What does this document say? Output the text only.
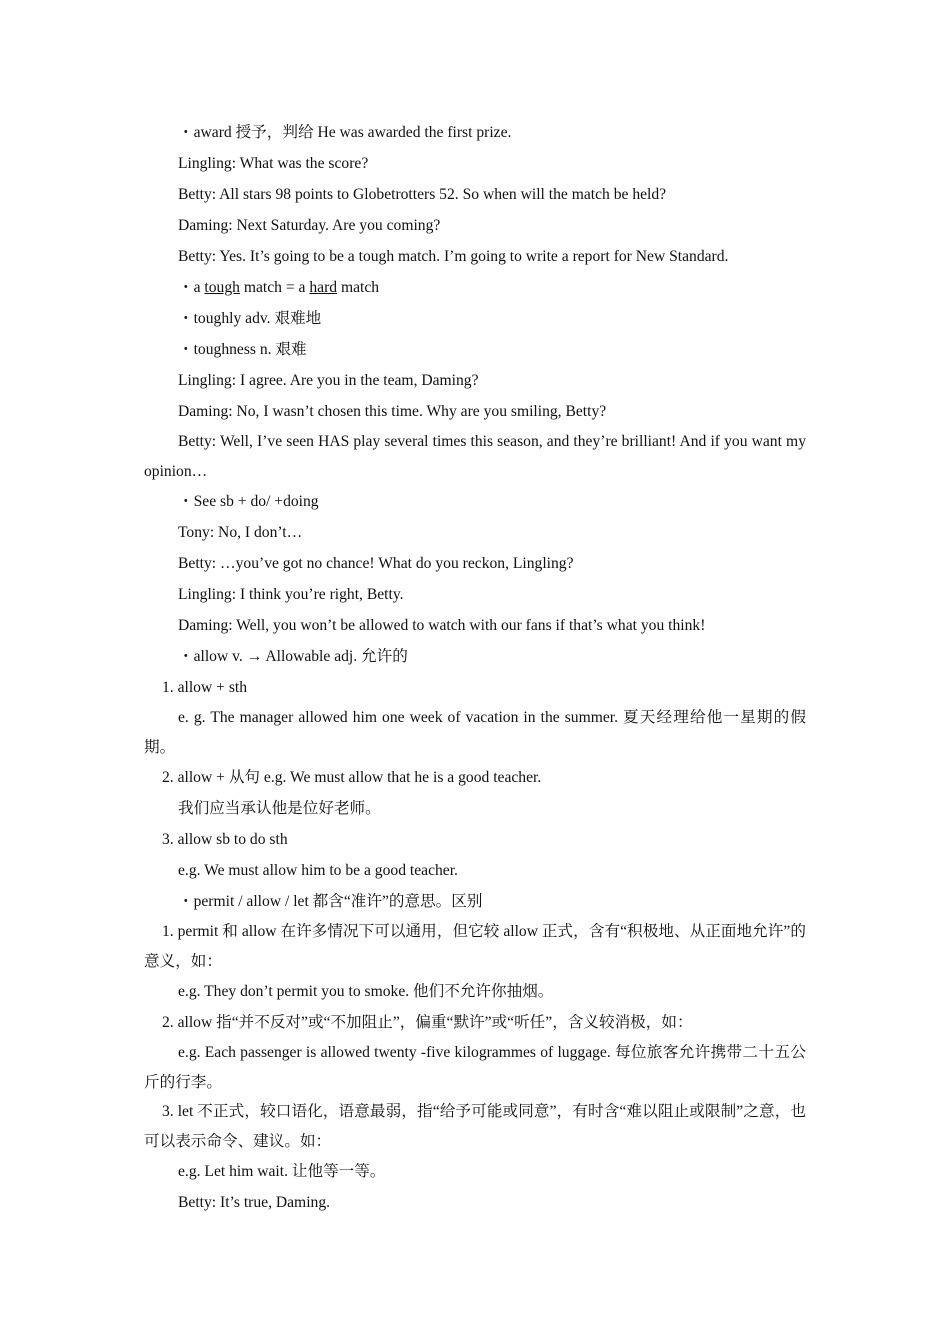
・award 授予，判给 He was awarded the first prize.

Lingling: What was the score?

Betty: All stars 98 points to Globetrotters 52. So when will the match be held?

Daming: Next Saturday. Are you coming?

Betty: Yes. It’s going to be a tough match. I’m going to write a report for New Standard.

・a tough match = a hard match

・toughly adv. 艰难地

・toughness n. 艰难

Lingling: I agree. Are you in the team, Daming?

Daming: No, I wasn’t chosen this time. Why are you smiling, Betty?

Betty: Well, I’ve seen HAS play several times this season, and they’re brilliant! And if you want my opinion…

・See sb + do/ +doing

Tony: No, I don’t…

Betty: …you’ve got no chance! What do you reckon, Lingling?

Lingling: I think you’re right, Betty.

Daming: Well, you won’t be allowed to watch with our fans if that’s what you think!

・allow v. → Allowable adj. 允许的

1. allow + sth

e. g. The manager allowed him one week of vacation in the summer. 夏天经理给他一星期的假期。

2. allow + 从句 e.g. We must allow that he is a good teacher.

我们应当承认他是位好老师。

3. allow sb to do sth

e.g. We must allow him to be a good teacher.

・permit / allow / let 都含“准许”的意思。区别

1. permit 和 allow 在许多情况下可以通用，但它较 allow 正式，含有“积极地、从正面地允许”的意义，如：

e.g. They don’t permit you to smoke. 他们不允许你抽烟。

2. allow 指“并不反对”或“不加阻止”，偏重“默许”或“听任”，含义较消极，如：

e.g. Each passenger is allowed twenty -five kilogrammes of luggage. 每位旅客允许携带二十五公斤的行李。

3. let 不正式，较口语化，语意最弱，指“给予可能或同意”，有时含“难以阻止或限制”之意，也可以表示命令、建议。如：

e.g. Let him wait. 让他等一等。

Betty: It’s true, Daming.
